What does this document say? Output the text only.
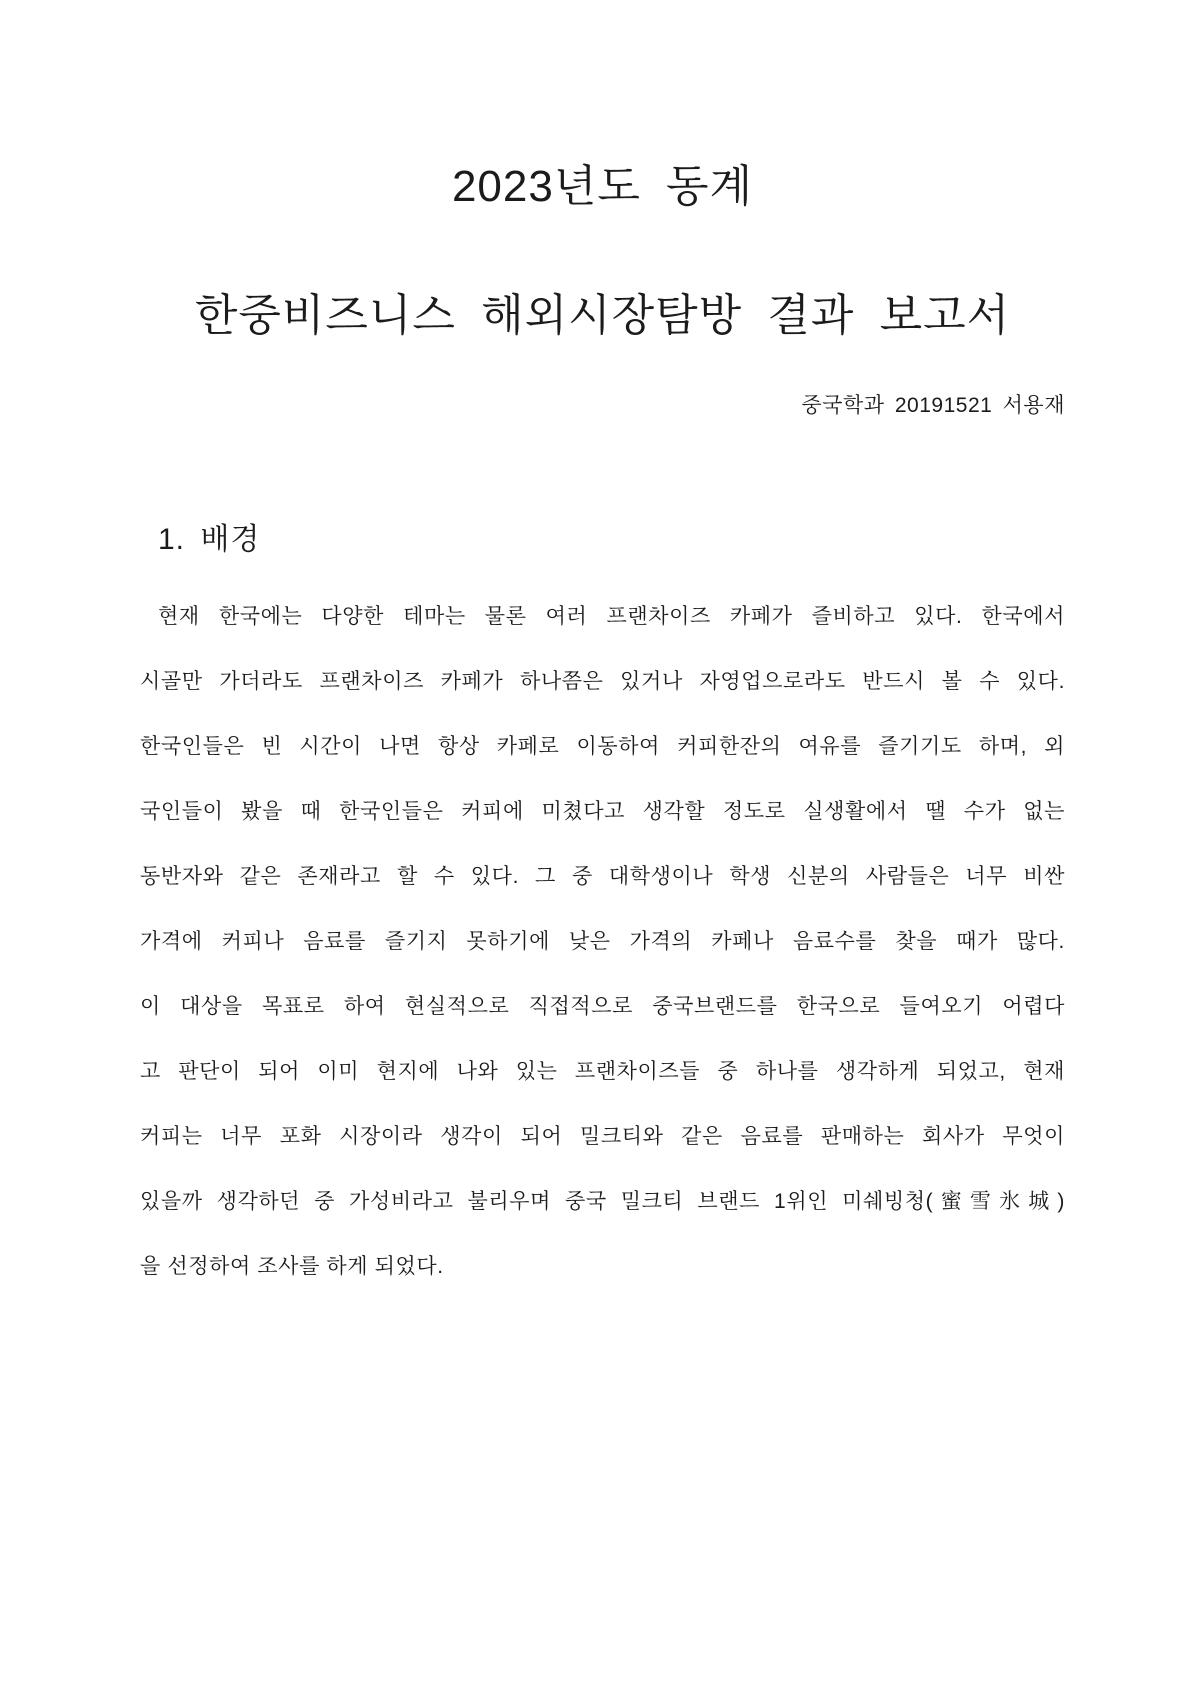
2023년도 동계
한중비즈니스 해외시장탐방 결과 보고서
중국학과 20191521 서용재
1. 배경
현재 한국에는 다양한 테마는 물론 여러 프랜차이즈 카페가 즐비하고 있다. 한국에서
시골만 가더라도 프랜차이즈 카페가 하나쯤은 있거나 자영업으로라도 반드시 볼 수 있다.
한국인들은 빈 시간이 나면 항상 카페로 이동하여 커피한잔의 여유를 즐기기도 하며, 외
국인들이 봤을 때 한국인들은 커피에 미쳤다고 생각할 정도로 실생활에서 땔 수가 없는
동반자와 같은 존재라고 할 수 있다. 그 중 대학생이나 학생 신분의 사람들은 너무 비싼
가격에 커피나 음료를 즐기지 못하기에 낮은 가격의 카페나 음료수를 찾을 때가 많다.
이 대상을 목표로 하여 현실적으로 직접적으로 중국브랜드를 한국으로 들여오기 어렵다
고 판단이 되어 이미 현지에 나와 있는 프랜차이즈들 중 하나를 생각하게 되었고, 현재
커피는 너무 포화 시장이라 생각이 되어 밀크티와 같은 음료를 판매하는 회사가 무엇이
있을까 생각하던 중 가성비라고 불리우며 중국 밀크티 브랜드 1위인 미쉐빙청(蜜雪氷城)
을 선정하여 조사를 하게 되었다.
